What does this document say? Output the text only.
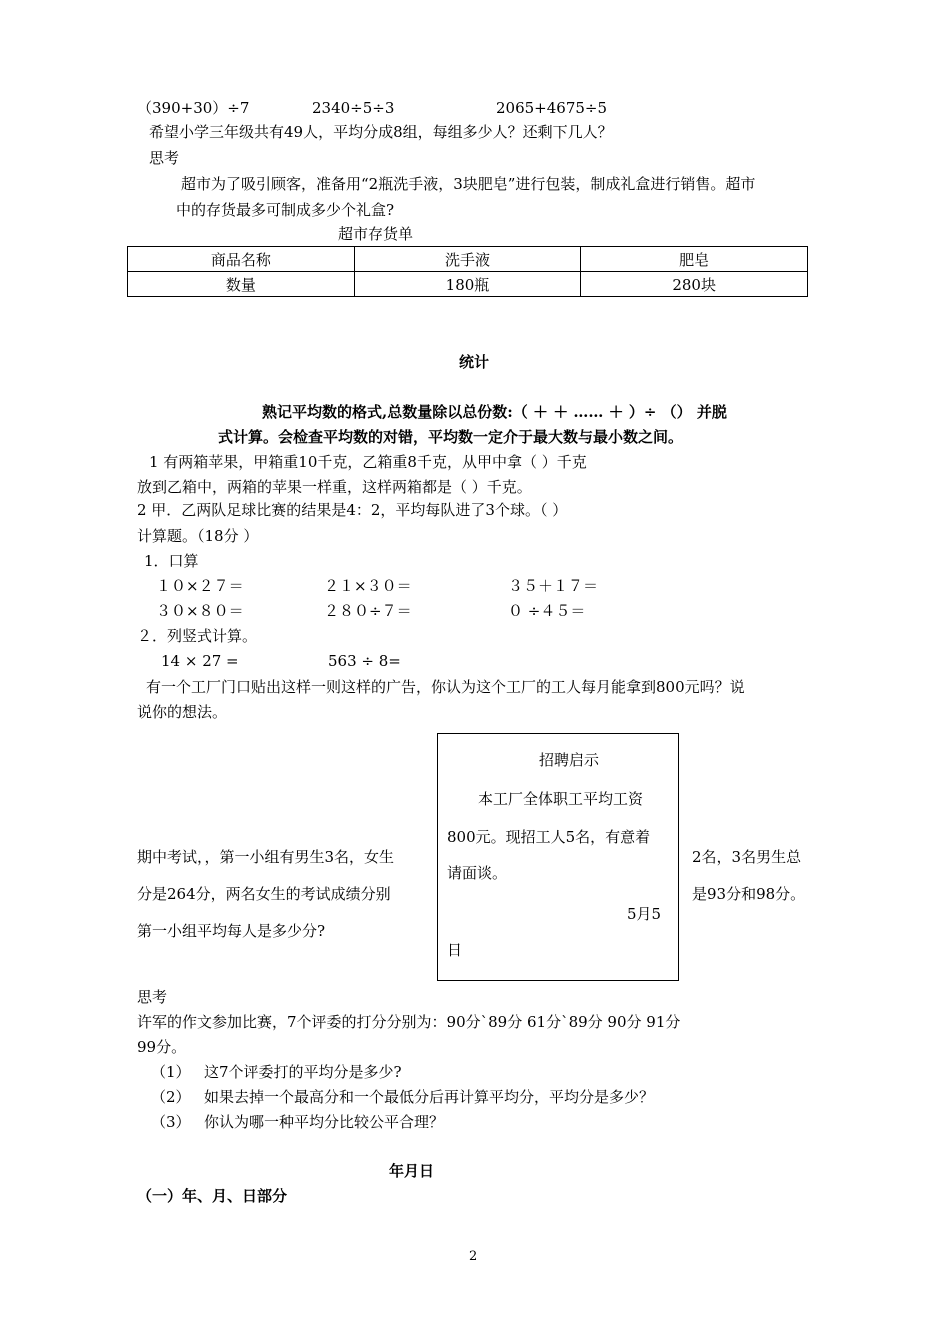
（390+30）÷7	2340÷5÷3	2065+4675÷5
希望小学三年级共有49人，平均分成8组，每组多少人？还剩下几人？
思考
超市为了吸引顾客，准备用“2瓶洗手液，3块肥皂”进行包装，制成礼盒进行销售。超市
中的存货最多可制成多少个礼盒?
超市存货单
商品名称	洗手液	肥皂
数量	180瓶	280块
统计
熟记平均数的格式,总数量除以总份数:（ ＋ ＋ …… ＋ ）÷ （） 并脱
式计算。会检查平均数的对错，平均数一定介于最大数与最小数之间。
1 有两箱苹果，甲箱重10千克，乙箱重8千克，从甲中拿（ ）千克
放到乙箱中，两箱的苹果一样重，这样两箱都是（ ）千克。
2 甲．乙两队足球比赛的结果是4：2，平均每队进了3个球。（ ）
计算题。（18分 ）
1．口算
１０×２７＝	２１×３０＝	３５＋１７＝
３０×８０＝	２８０÷７＝	０ ÷４５＝
２．列竖式计算。
14 × 27 =	563 ÷ 8=
有一个工厂门口贴出这样一则这样的广告，你认为这个工厂的工人每月能拿到800元吗？说
说你的想法。
招聘启示
本工厂全体职工平均工资
800元。现招工人5名，有意着
请面谈。
5月5
日
期中考试，，第一小组有男生3名，女生	2名，3名男生总
分是264分，两名女生的考试成绩分别	是93分和98分。
第一小组平均每人是多少分?
思考
许军的作文参加比赛，7个评委的打分分别为：90分`89分 61分`89分 90分 91分
99分。
（1） 这7个评委打的平均分是多少?
（2） 如果去掉一个最高分和一个最低分后再计算平均分，平均分是多少？
（3） 你认为哪一种平均分比较公平合理？
年月日
（一）年、月、日部分
2
